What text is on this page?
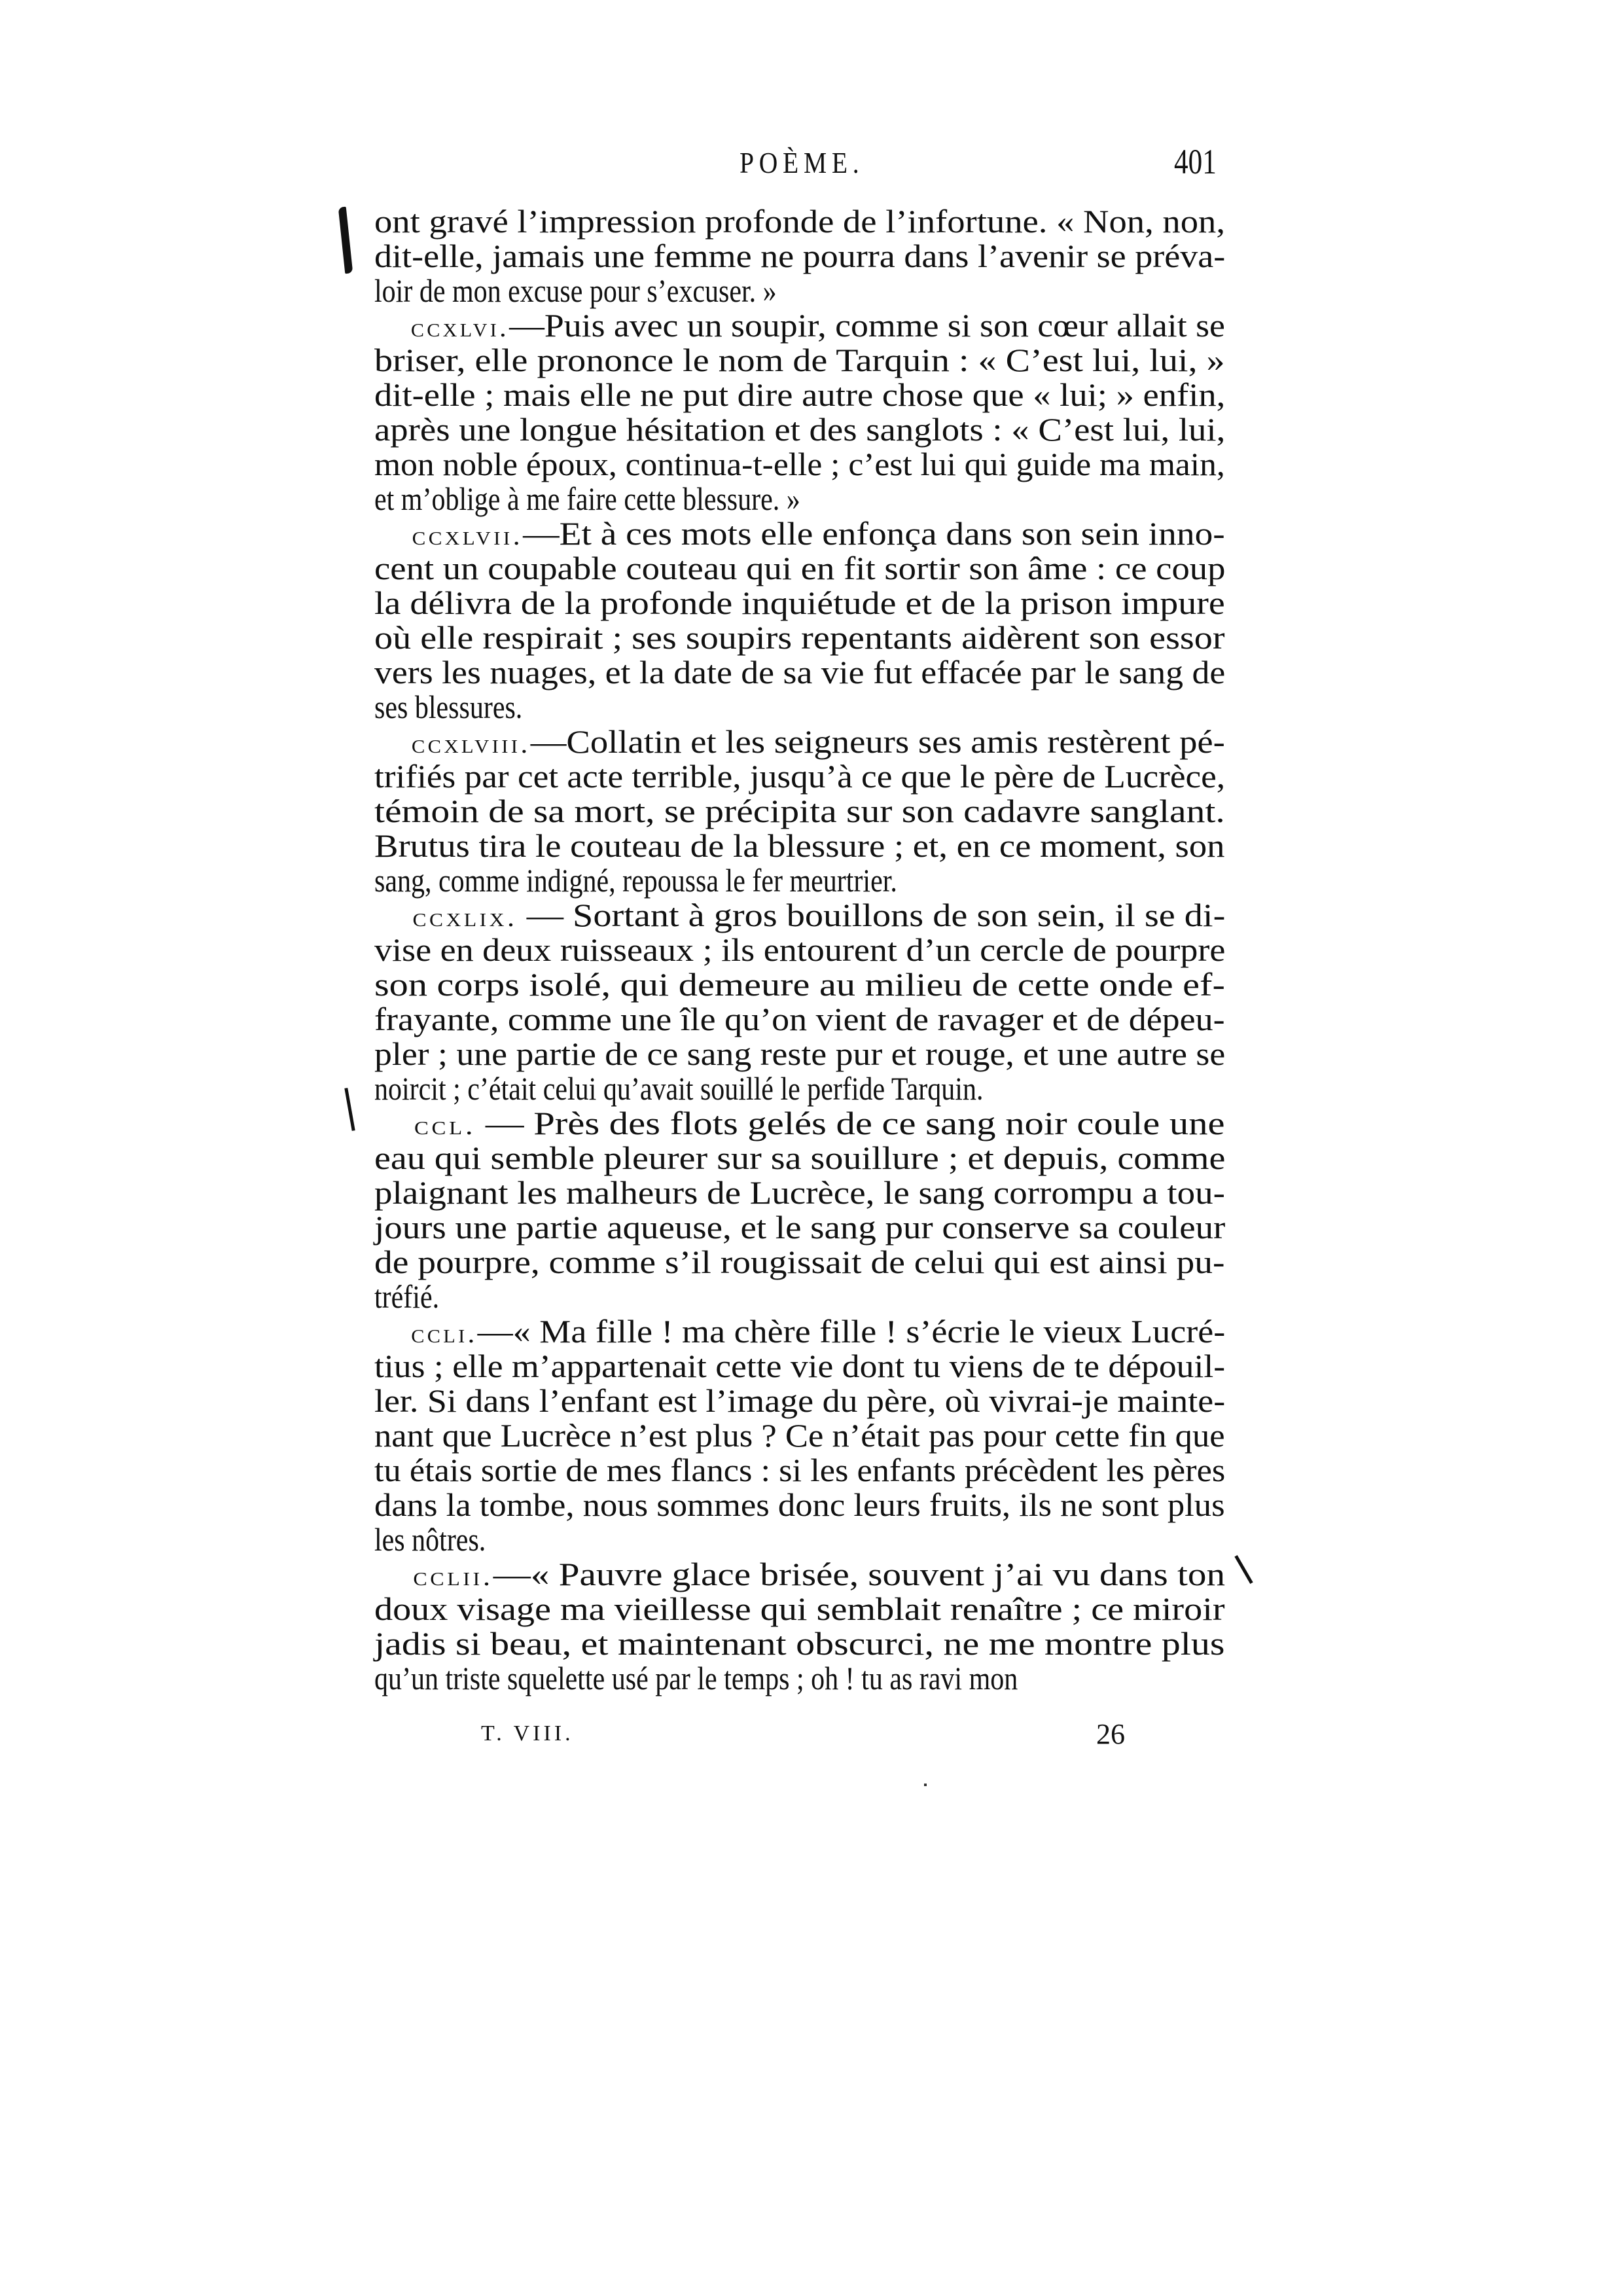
POÈME.	401
ont gravé l’impression profonde de l’infortune. « Non, non,
dit-elle, jamais une femme ne pourra dans l’avenir se préva-
loir de mon excuse pour s’excuser. »
ccxlvi.—Puis avec un soupir, comme si son cœur allait se
briser, elle prononce le nom de Tarquin : « C’est lui, lui, »
dit-elle ; mais elle ne put dire autre chose que « lui; » enfin,
après une longue hésitation et des sanglots : « C’est lui, lui,
mon noble époux, continua-t-elle ; c’est lui qui guide ma main,
et m’oblige à me faire cette blessure. »
ccxlvii.—Et à ces mots elle enfonça dans son sein inno-
cent un coupable couteau qui en fit sortir son âme : ce coup
la délivra de la profonde inquiétude et de la prison impure
où elle respirait ; ses soupirs repentants aidèrent son essor
vers les nuages, et la date de sa vie fut effacée par le sang de
ses blessures.
ccxlviii.—Collatin et les seigneurs ses amis restèrent pé-
trifiés par cet acte terrible, jusqu’à ce que le père de Lucrèce,
témoin de sa mort, se précipita sur son cadavre sanglant.
Brutus tira le couteau de la blessure ; et, en ce moment, son
sang, comme indigné, repoussa le fer meurtrier.
ccxlix. — Sortant à gros bouillons de son sein, il se di-
vise en deux ruisseaux ; ils entourent d’un cercle de pourpre
son corps isolé, qui demeure au milieu de cette onde ef-
frayante, comme une île qu’on vient de ravager et de dépeu-
pler ; une partie de ce sang reste pur et rouge, et une autre se
noircit ; c’était celui qu’avait souillé le perfide Tarquin.
ccl. — Près des flots gelés de ce sang noir coule une
eau qui semble pleurer sur sa souillure ; et depuis, comme
plaignant les malheurs de Lucrèce, le sang corrompu a tou-
jours une partie aqueuse, et le sang pur conserve sa couleur
de pourpre, comme s’il rougissait de celui qui est ainsi pu-
tréfié.
ccli.—« Ma fille ! ma chère fille ! s’écrie le vieux Lucré-
tius ; elle m’appartenait cette vie dont tu viens de te dépouil-
ler. Si dans l’enfant est l’image du père, où vivrai-je mainte-
nant que Lucrèce n’est plus ? Ce n’était pas pour cette fin que
tu étais sortie de mes flancs : si les enfants précèdent les pères
dans la tombe, nous sommes donc leurs fruits, ils ne sont plus
les nôtres.
cclii.—« Pauvre glace brisée, souvent j’ai vu dans ton
doux visage ma vieillesse qui semblait renaître ; ce miroir
jadis si beau, et maintenant obscurci, ne me montre plus
qu’un triste squelette usé par le temps ; oh ! tu as ravi mon
T. VIII.	26
